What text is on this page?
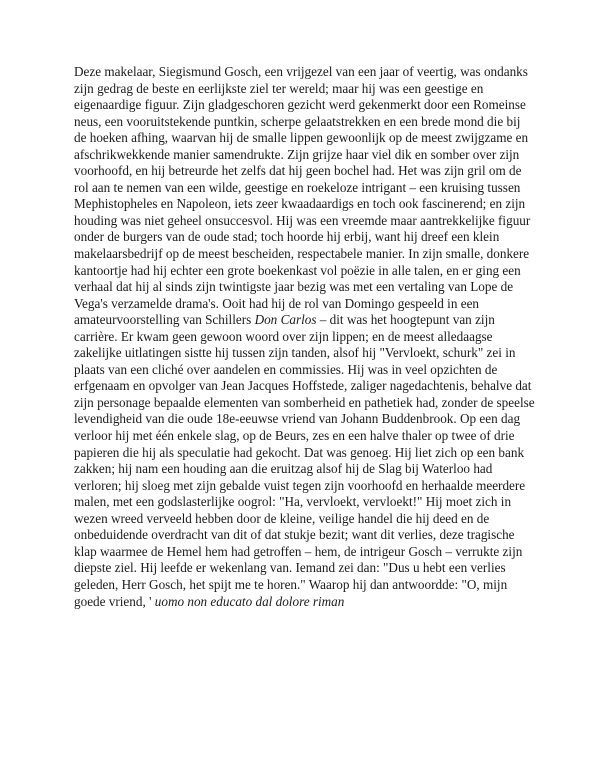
Deze makelaar, Siegismund Gosch, een vrijgezel van een jaar of veertig, was ondanks zijn gedrag de beste en eerlijkste ziel ter wereld; maar hij was een geestige en eigenaardige figuur. Zijn gladgeschoren gezicht werd gekenmerkt door een Romeinse neus, een vooruitstekende puntkin, scherpe gelaatstrekken en een brede mond die bij de hoeken afhing, waarvan hij de smalle lippen gewoonlijk op de meest zwijgzame en afschrikwekkende manier samendrukte. Zijn grijze haar viel dik en somber over zijn voorhoofd, en hij betreurde het zelfs dat hij geen bochel had. Het was zijn gril om de rol aan te nemen van een wilde, geestige en roekeloze intrigant – een kruising tussen Mephistopheles en Napoleon, iets zeer kwaadaardigs en toch ook fascinerend; en zijn houding was niet geheel onsuccesvol. Hij was een vreemde maar aantrekkelijke figuur onder de burgers van de oude stad; toch hoorde hij erbij, want hij dreef een klein makelaarsbedrijf op de meest bescheiden, respectabele manier. In zijn smalle, donkere kantoortje had hij echter een grote boekenkast vol poëzie in alle talen, en er ging een verhaal dat hij al sinds zijn twintigste jaar bezig was met een vertaling van Lope de Vega's verzamelde drama's. Ooit had hij de rol van Domingo gespeeld in een amateurvoorstelling van Schillers Don Carlos – dit was het hoogtepunt van zijn carrière. Er kwam geen gewoon woord over zijn lippen; en de meest alledaagse zakelijke uitlatingen sistte hij tussen zijn tanden, alsof hij "Vervloekt, schurk" zei in plaats van een cliché over aandelen en commissies. Hij was in veel opzichten de erfgenaam en opvolger van Jean Jacques Hoffstede, zaliger nagedachtenis, behalve dat zijn personage bepaalde elementen van somberheid en pathetiek had, zonder de speelse levendigheid van die oude 18e-eeuwse vriend van Johann Buddenbrook. Op een dag verloor hij met één enkele slag, op de Beurs, zes en een halve thaler op twee of drie papieren die hij als speculatie had gekocht. Dat was genoeg. Hij liet zich op een bank zakken; hij nam een houding aan die eruitzag alsof hij de Slag bij Waterloo had verloren; hij sloeg met zijn gebalde vuist tegen zijn voorhoofd en herhaalde meerdere malen, met een godslasterlijke oogrol: "Ha, vervloekt, vervloekt!" Hij moet zich in wezen wreed verveeld hebben door de kleine, veilige handel die hij deed en de onbeduidende overdracht van dit of dat stukje bezit; want dit verlies, deze tragische klap waarmee de Hemel hem had getroffen – hem, de intrigeur Gosch – verrukte zijn diepste ziel. Hij leefde er wekenlang van. Iemand zei dan: "Dus u hebt een verlies geleden, Herr Gosch, het spijt me te horen." Waarop hij dan antwoordde: "O, mijn goede vriend, ' uomo non educato dal dolore riman
